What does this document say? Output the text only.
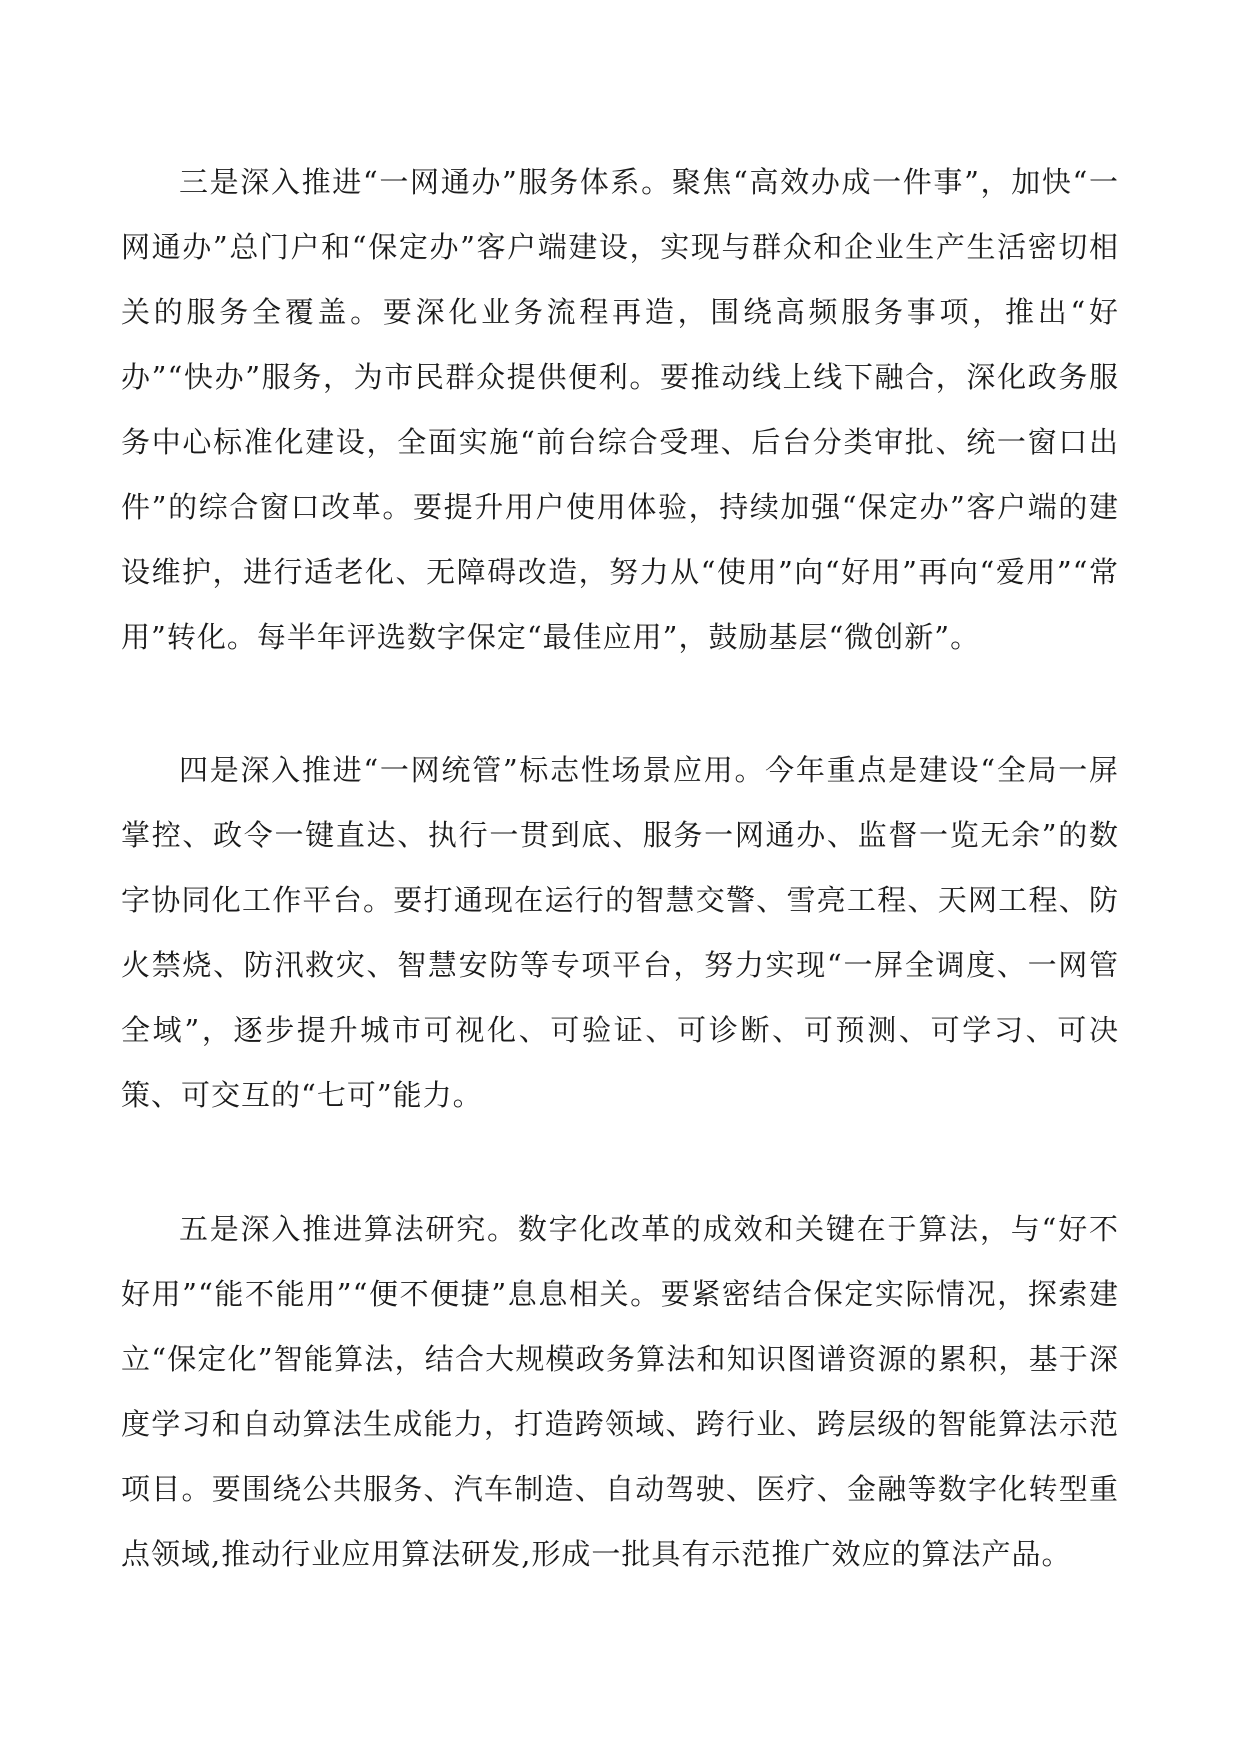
三是深入推进“一网通办”服务体系。聚焦“高效办成一件事”，加快“一网通办”总门户和“保定办”客户端建设，实现与群众和企业生产生活密切相关的服务全覆盖。要深化业务流程再造，围绕高频服务事项，推出“好办”“快办”服务，为市民群众提供便利。要推动线上线下融合，深化政务服务中心标准化建设，全面实施“前台综合受理、后台分类审批、统一窗口出件”的综合窗口改革。要提升用户使用体验，持续加强“保定办”客户端的建设维护，进行适老化、无障碍改造，努力从“使用”向“好用”再向“爱用”“常用”转化。每半年评选数字保定“最佳应用”，鼓励基层“微创新”。

四是深入推进“一网统管”标志性场景应用。今年重点是建设“全局一屏掌控、政令一键直达、执行一贯到底、服务一网通办、监督一览无余”的数字协同化工作平台。要打通现在运行的智慧交警、雪亮工程、天网工程、防火禁烧、防汛救灾、智慧安防等专项平台，努力实现“一屏全调度、一网管全域”，逐步提升城市可视化、可验证、可诊断、可预测、可学习、可决策、可交互的“七可”能力。

五是深入推进算法研究。数字化改革的成效和关键在于算法，与“好不好用”“能不能用”“便不便捷”息息相关。要紧密结合保定实际情况，探索建立“保定化”智能算法，结合大规模政务算法和知识图谱资源的累积，基于深度学习和自动算法生成能力，打造跨领域、跨行业、跨层级的智能算法示范项目。要围绕公共服务、汽车制造、自动驾驶、医疗、金融等数字化转型重点领域,推动行业应用算法研发,形成一批具有示范推广效应的算法产品。
